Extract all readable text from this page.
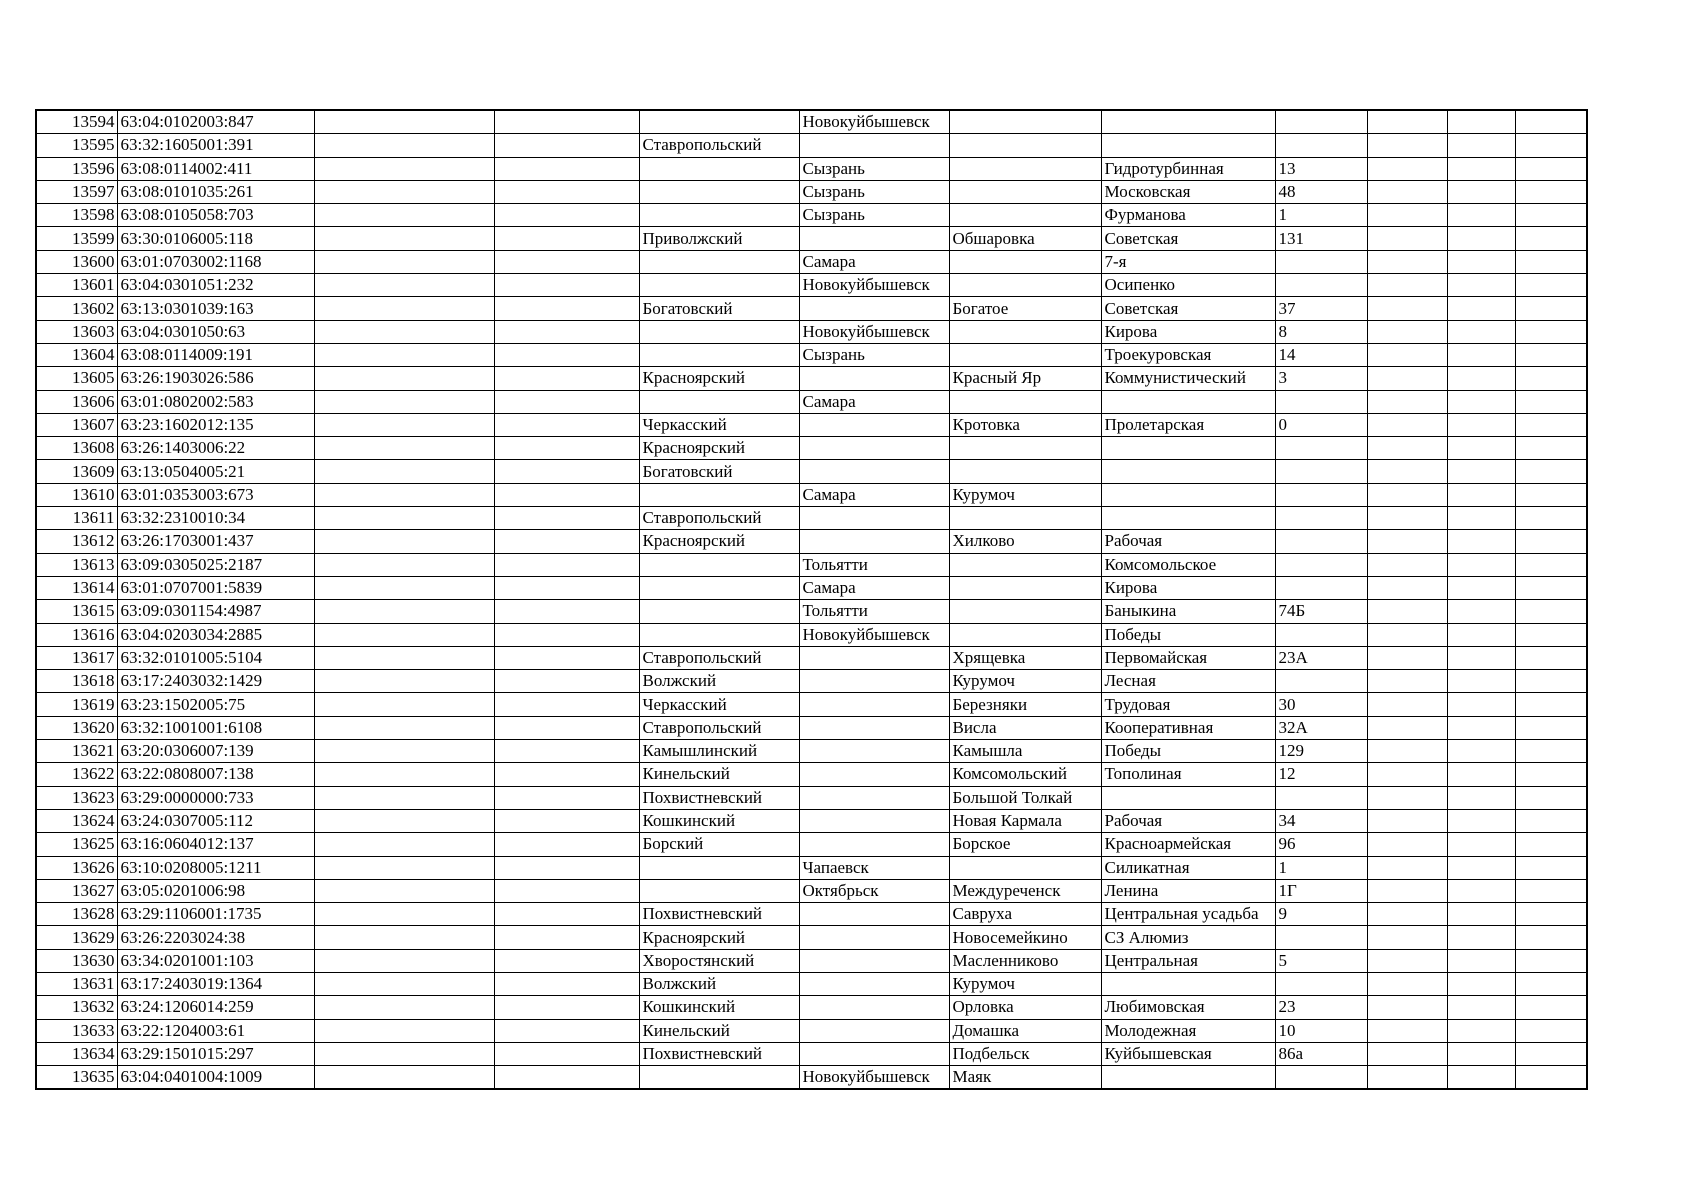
13594	63:04:0102003:847				Новокуйбышевск						
13595	63:32:1605001:391			Ставропольский							
13596	63:08:0114002:411				Сызрань		Гидротурбинная	13			
13597	63:08:0101035:261				Сызрань		Московская	48			
13598	63:08:0105058:703				Сызрань		Фурманова	1			
13599	63:30:0106005:118			Приволжский		Обшаровка	Советская	131			
13600	63:01:0703002:1168				Самара		7-я				
13601	63:04:0301051:232				Новокуйбышевск		Осипенко				
13602	63:13:0301039:163			Богатовский		Богатое	Советская	37			
13603	63:04:0301050:63				Новокуйбышевск		Кирова	8			
13604	63:08:0114009:191				Сызрань		Троекуровская	14			
13605	63:26:1903026:586			Красноярский		Красный Яр	Коммунистический	3			
13606	63:01:0802002:583				Самара						
13607	63:23:1602012:135			Черкасский		Кротовка	Пролетарская	0			
13608	63:26:1403006:22			Красноярский							
13609	63:13:0504005:21			Богатовский							
13610	63:01:0353003:673				Самара	Курумоч					
13611	63:32:2310010:34			Ставропольский							
13612	63:26:1703001:437			Красноярский		Хилково	Рабочая				
13613	63:09:0305025:2187				Тольятти		Комсомольское				
13614	63:01:0707001:5839				Самара		Кирова				
13615	63:09:0301154:4987				Тольятти		Баныкина	74Б			
13616	63:04:0203034:2885				Новокуйбышевск		Победы				
13617	63:32:0101005:5104			Ставропольский		Хрящевка	Первомайская	23А			
13618	63:17:2403032:1429			Волжский		Курумоч	Лесная				
13619	63:23:1502005:75			Черкасский		Березняки	Трудовая	30			
13620	63:32:1001001:6108			Ставропольский		Висла	Кооперативная	32А			
13621	63:20:0306007:139			Камышлинский		Камышла	Победы	129			
13622	63:22:0808007:138			Кинельский		Комсомольский	Тополиная	12			
13623	63:29:0000000:733			Похвистневский		Большой Толкай					
13624	63:24:0307005:112			Кошкинский		Новая Кармала	Рабочая	34			
13625	63:16:0604012:137			Борский		Борское	Красноармейская	96			
13626	63:10:0208005:1211				Чапаевск		Силикатная	1			
13627	63:05:0201006:98				Октябрьск	Междуреченск	Ленина	1Г			
13628	63:29:1106001:1735			Похвистневский		Савруха	Центральная усадьба	9			
13629	63:26:2203024:38			Красноярский		Новосемейкино	СЗ Алюмиз				
13630	63:34:0201001:103			Хворостянский		Масленниково	Центральная	5			
13631	63:17:2403019:1364			Волжский		Курумоч					
13632	63:24:1206014:259			Кошкинский		Орловка	Любимовская	23			
13633	63:22:1204003:61			Кинельский		Домашка	Молодежная	10			
13634	63:29:1501015:297			Похвистневский		Подбельск	Куйбышевская	86а			
13635	63:04:0401004:1009				Новокуйбышевск	Маяк					
